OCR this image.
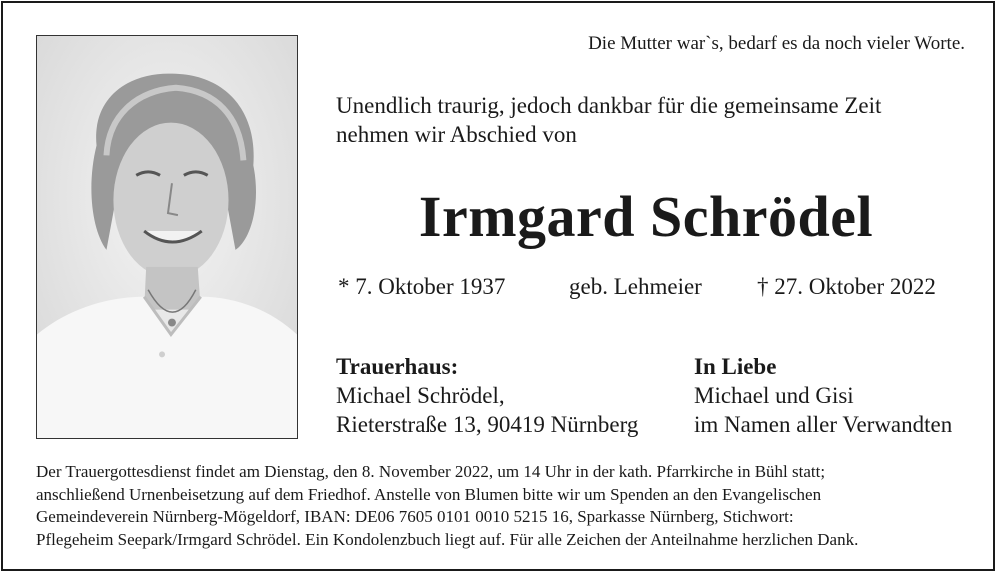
Die Mutter war`s, bedarf es da noch vieler Worte.
Unendlich traurig, jedoch dankbar für die gemeinsame Zeit
nehmen wir Abschied von
Irmgard Schrödel
* 7. Oktober 1937	geb. Lehmeier † 27. Oktober 2022
Trauerhaus:
Michael Schrödel,
Rieterstraße 13, 90419 Nürnberg
In Liebe
Michael und Gisi
im Namen aller Verwandten
Der Trauergottesdienst findet am Dienstag, den 8. November 2022, um 14 Uhr in der kath. Pfarrkirche in Bühl statt;
anschließend Urnenbeisetzung auf dem Friedhof. Anstelle von Blumen bitte wir um Spenden an den Evangelischen
Gemeindeverein Nürnberg-Mögeldorf, IBAN: DE06 7605 0101 0010 5215 16, Sparkasse Nürnberg, Stichwort:
Pflegeheim Seepark/Irmgard Schrödel. Ein Kondolenzbuch liegt auf. Für alle Zeichen der Anteilnahme herzlichen Dank.
